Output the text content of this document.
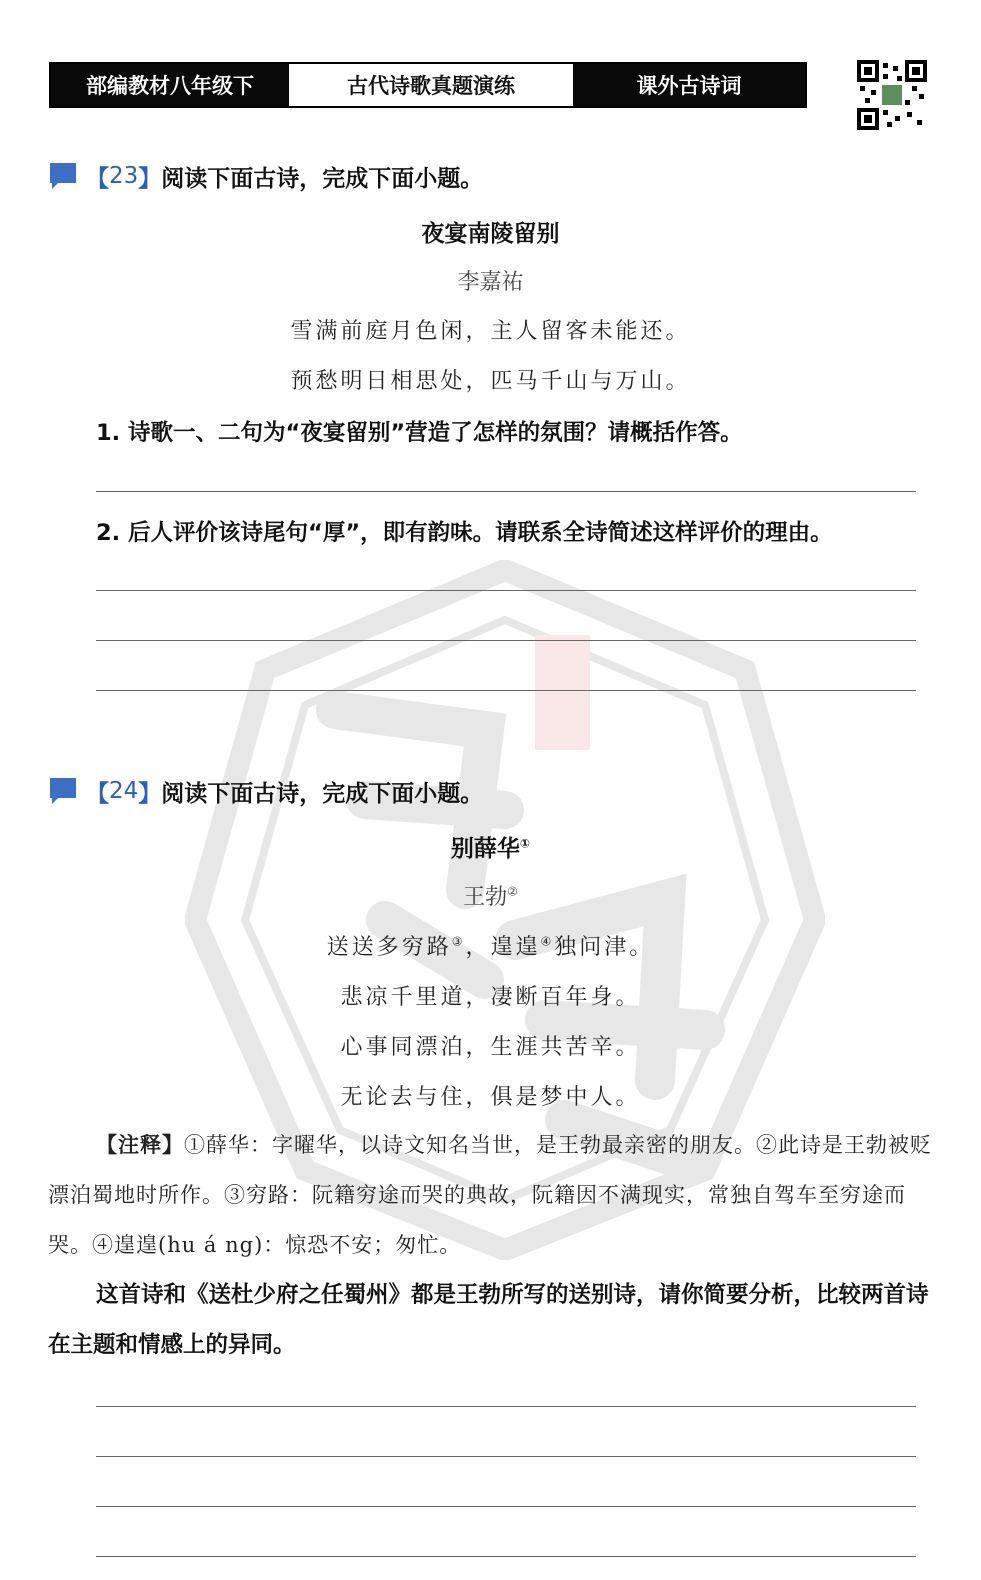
部编教材八年级下	古代诗歌真题演练	课外古诗词
【 23 】 阅读下面古诗，完成下面小题。
夜宴南陵留别
李嘉祐
雪满前庭月色闲，主人留客未能还。
预愁明日相思处，匹马千山与万山。
1. 诗歌一、二句为“夜宴留别”营造了怎样的氛围？请概括作答。
2. 后人评价该诗尾句“厚”，即有韵味。请联系全诗简述这样评价的理由。
【 24 】 阅读下面古诗，完成下面小题。
别薛华①
王勃②
送送多穷路③，遑遑④独问津。
悲凉千里道，凄断百年身。
心事同漂泊，生涯共苦辛。
无论去与住，俱是梦中人。
【注释】①薛华：字曜华，以诗文知名当世，是王勃最亲密的朋友。②此诗是王勃被贬漂泊蜀地时所作。③穷路：阮籍穷途而哭的典故，阮籍因不满现实，常独自驾车至穷途而哭。④遑遑(hu á ng)：惊恐不安；匆忙。
这首诗和《送杜少府之任蜀州》都是王勃所写的送别诗，请你简要分析，比较两首诗在主题和情感上的异同。
